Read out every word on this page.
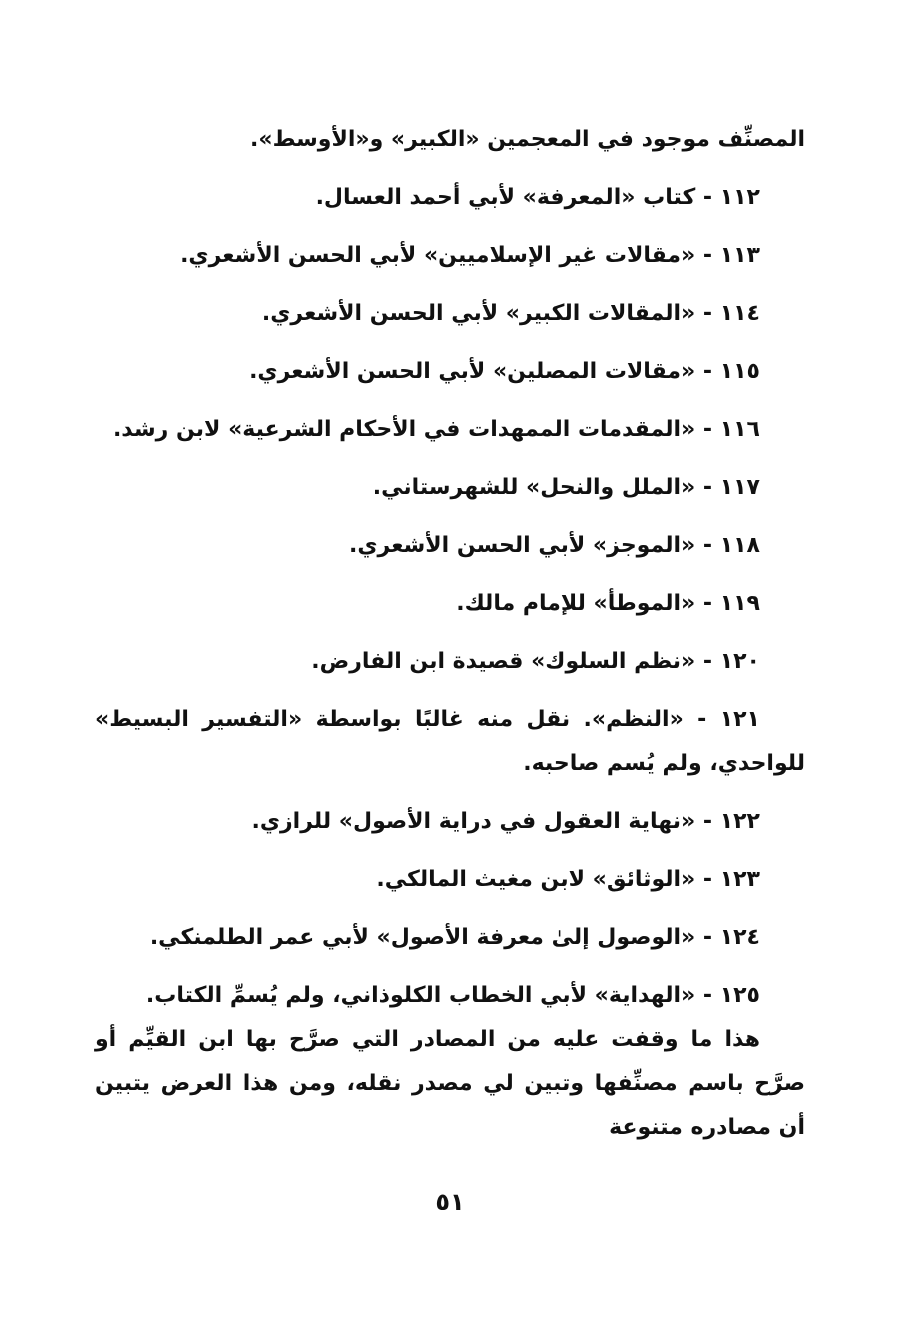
المصنِّف موجود في المعجمين «الكبير» و«الأوسط».
١١٢ - كتاب «المعرفة» لأبي أحمد العسال.
١١٣ - «مقالات غير الإسلاميين» لأبي الحسن الأشعري.
١١٤ - «المقالات الكبير» لأبي الحسن الأشعري.
١١٥ - «مقالات المصلين» لأبي الحسن الأشعري.
١١٦ - «المقدمات الممهدات في الأحكام الشرعية» لابن رشد.
١١٧ - «الملل والنحل» للشهرستاني.
١١٨ - «الموجز» لأبي الحسن الأشعري.
١١٩ - «الموطأ» للإمام مالك.
١٢٠ - «نظم السلوك» قصيدة ابن الفارض.
١٢١ - «النظم». نقل منه غالبًا بواسطة «التفسير البسيط» للواحدي، ولم يُسم صاحبه.
١٢٢ - «نهاية العقول في دراية الأصول» للرازي.
١٢٣ - «الوثائق» لابن مغيث المالكي.
١٢٤ - «الوصول إلىٰ معرفة الأصول» لأبي عمر الطلمنكي.
١٢٥ - «الهداية» لأبي الخطاب الكلوذاني، ولم يُسمِّ الكتاب.
هذا ما وقفت عليه من المصادر التي صرَّح بها ابن القيِّم أو صرَّح باسم مصنِّفها وتبين لي مصدر نقله، ومن هذا العرض يتبين أن مصادره متنوعة
٥١
